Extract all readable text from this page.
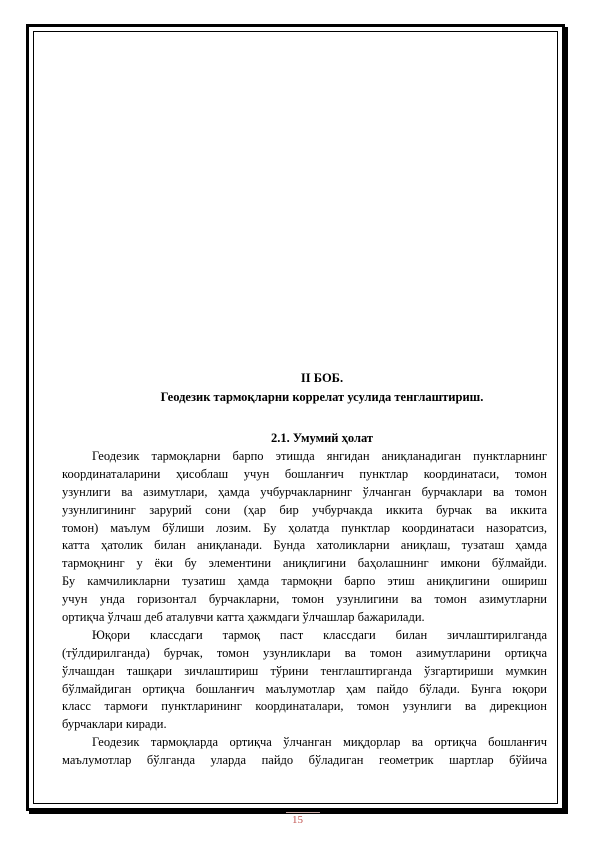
II БОБ.

Геодезик тармоқларни коррелат усулида тенглаштириш.

2.1. Умумий ҳолат

Геодезик тармоқларни барпо этишда янгидан аниқланадиган пунктларнинг
координаталарини ҳисоблаш учун бошланғич пунктлар координатаси, томон
узунлиги ва азимутлари, ҳамда учбурчакларнинг ўлчанган бурчаклари ва томон
узунлигининг зарурий сони (ҳар бир учбурчакда иккита бурчак ва иккита
томон) маълум бўлиши лозим. Бу ҳолатда пунктлар координатаси назоратсиз,
катта ҳатолик билан аниқланади. Бунда хатоликларни аниқлаш, тузаташ ҳамда
тармоқнинг у ёки бу элементини аниқлигини баҳолашнинг имкони бўлмайди.
Бу камчиликларни тузатиш ҳамда тармоқни барпо этиш аниқлигини ошириш
учун унда горизонтал бурчакларни, томон узунлигини ва томон азимутларни
ортиқча ўлчаш деб аталувчи катта ҳажмдаги ўлчашлар бажарилади.
Юқори классдаги тармоқ паст классдаги билан зичлаштирилганда
(тўлдирилганда) бурчак, томон узунликлари ва томон азимутларини ортиқча
ўлчашдан ташқари зичлаштириш тўрини тенглаштирганда ўзгартириши мумкин
бўлмайдиган ортиқча бошланғич маълумотлар ҳам пайдо бўлади. Бунга юқори
класс тармоғи пунктларининг координаталари, томон узунлиги ва дирекцион
бурчаклари киради.
Геодезик тармоқларда ортиқча ўлчанган миқдорлар ва ортиқча бошланғич
маълумотлар бўлганда уларда пайдо бўладиган геометрик шартлар бўйича
15
